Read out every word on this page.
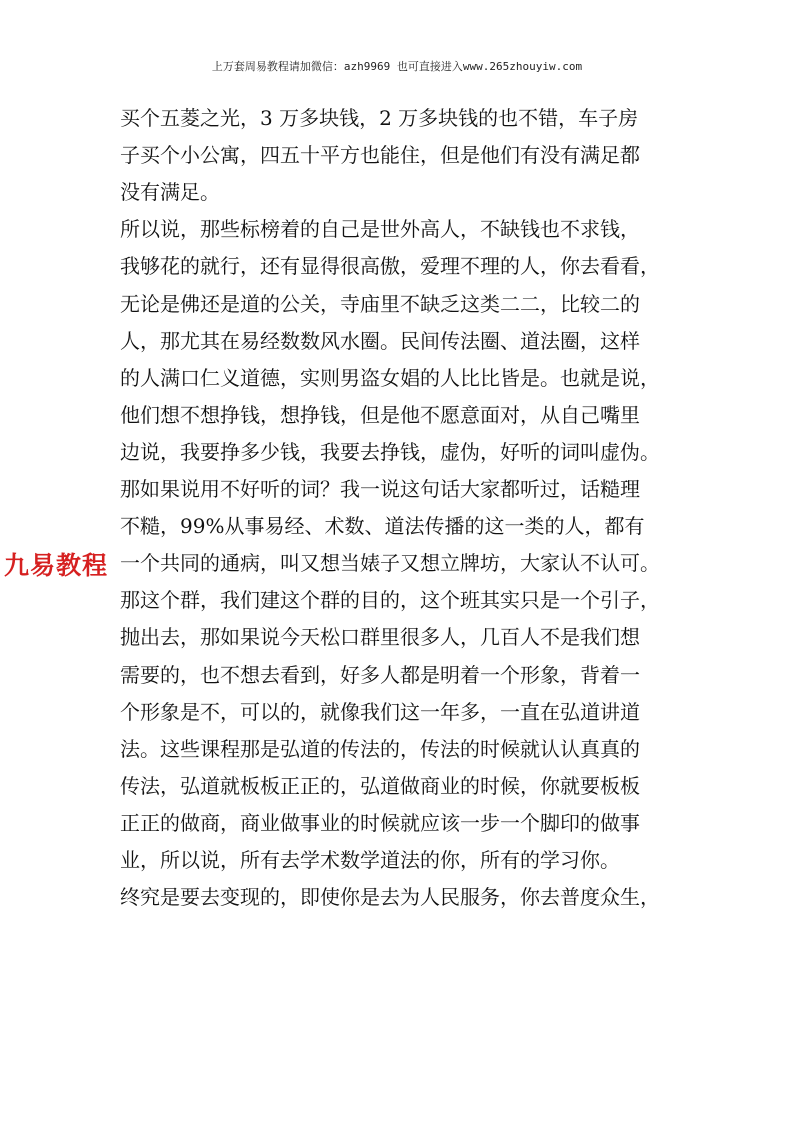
上万套周易教程请加微信：azh9969 也可直接进入www.265zhouyiw.com
买个五菱之光，3 万多块钱，2 万多块钱的也不错，车子房
子买个小公寓，四五十平方也能住，但是他们有没有满足都
没有满足。
所以说，那些标榜着的自己是世外高人，不缺钱也不求钱，
我够花的就行，还有显得很高傲，爱理不理的人，你去看看，
无论是佛还是道的公关，寺庙里不缺乏这类二二，比较二的
人，那尤其在易经数数风水圈。民间传法圈、道法圈，这样
的人满口仁义道德，实则男盗女娼的人比比皆是。也就是说，
他们想不想挣钱，想挣钱，但是他不愿意面对，从自己嘴里
边说，我要挣多少钱，我要去挣钱，虚伪，好听的词叫虚伪。
那如果说用不好听的词？我一说这句话大家都听过，话糙理
不糙，99%从事易经、术数、道法传播的这一类的人，都有
一个共同的通病，叫又想当婊子又想立牌坊，大家认不认可。
那这个群，我们建这个群的目的，这个班其实只是一个引子，
抛出去，那如果说今天松口群里很多人，几百人不是我们想
需要的，也不想去看到，好多人都是明着一个形象，背着一
个形象是不，可以的，就像我们这一年多，一直在弘道讲道
法。这些课程那是弘道的传法的，传法的时候就认认真真的
传法，弘道就板板正正的，弘道做商业的时候，你就要板板
正正的做商，商业做事业的时候就应该一步一个脚印的做事
业，所以说，所有去学术数学道法的你，所有的学习你。
终究是要去变现的，即使你是去为人民服务，你去普度众生，
九易教程
